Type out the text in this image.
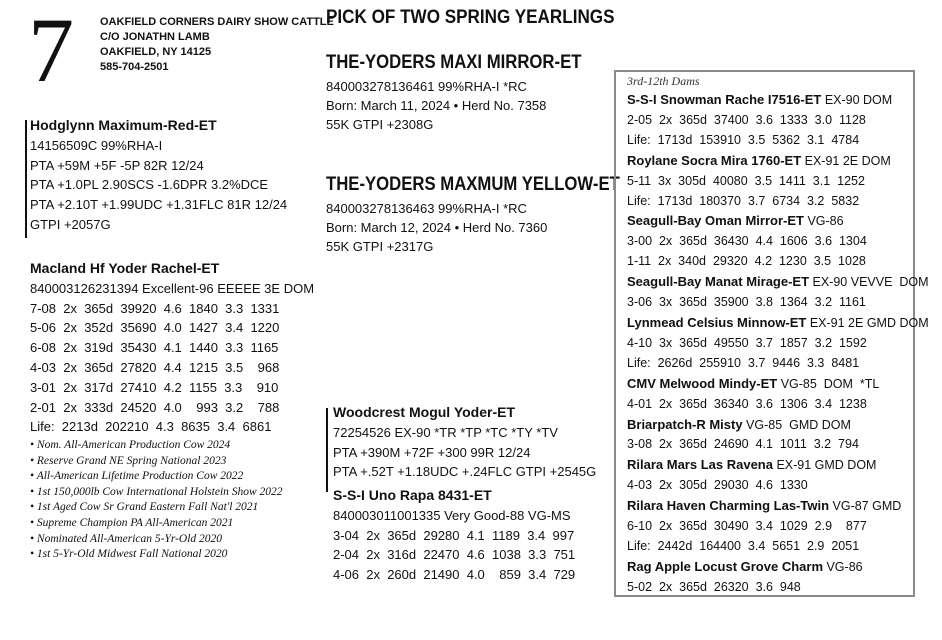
7 OAKFIELD CORNERS DAIRY SHOW CATTLE
C/O JONATHN LAMB
OAKFIELD, NY 14125
585-704-2501
PICK OF TWO SPRING YEARLINGS
THE-YODERS MAXI MIRROR-ET
840003278136461 99%RHA-I *RC
Born: March 11, 2024 • Herd No. 7358
55K GTPI +2308G
THE-YODERS MAXMUM YELLOW-ET
840003278136463 99%RHA-I *RC
Born: March 12, 2024 • Herd No. 7360
55K GTPI +2317G
Hodglynn Maximum-Red-ET
14156509C 99%RHA-I
PTA +59M +5F -5P 82R 12/24
PTA +1.0PL 2.90SCS -1.6DPR 3.2%DCE
PTA +2.10T +1.99UDC +1.31FLC 81R 12/24
GTPI +2057G
Macland Hf Yoder Rachel-ET
840003126231394 Excellent-96 EEEEE 3E DOM
7-08  2x  365d  39920  4.6  1840  3.3  1331
5-06  2x  352d  35690  4.0  1427  3.4  1220
6-08  2x  319d  35430  4.1  1440  3.3  1165
4-03  2x  365d  27820  4.4  1215  3.5    968
3-01  2x  317d  27410  4.2  1155  3.3    910
2-01  2x  333d  24520  4.0    993  3.2    788
Life:  2213d  202210  4.3  8635  3.4  6861
• Nom. All-American Production Cow 2024
• Reserve Grand NE Spring National 2023
• All-American Lifetime Production Cow 2022
• 1st 150,000lb Cow International Holstein Show 2022
• 1st Aged Cow Sr Grand Eastern Fall Nat'l 2021
• Supreme Champion PA All-American 2021
• Nominated All-American 5-Yr-Old 2020
• 1st 5-Yr-Old Midwest Fall National 2020
Woodcrest Mogul Yoder-ET
72254526 EX-90 *TR *TP *TC *TY *TV
PTA +390M +72F +300 99R 12/24
PTA +.52T +1.18UDC +.24FLC GTPI +2545G
S-S-I Uno Rapa 8431-ET
840003011001335 Very Good-88 VG-MS
3-04  2x  365d  29280  4.1  1189  3.4  997
2-04  2x  316d  22470  4.6  1038  3.3  751
4-06  2x  260d  21490  4.0    859  3.4  729
3rd-12th Dams
S-S-I Snowman Rache I7516-ET EX-90 DOM
2-05  2x  365d  37400  3.6  1333  3.0  1128
Life:  1713d  153910  3.5  5362  3.1  4784
Roylane Socra Mira 1760-ET EX-91 2E DOM
5-11  3x  305d  40080  3.5  1411  3.1  1252
Life:  1713d  180370  3.7  6734  3.2  5832
Seagull-Bay Oman Mirror-ET VG-86
3-00  2x  365d  36430  4.4  1606  3.6  1304
1-11  2x  340d  29320  4.2  1230  3.5  1028
Seagull-Bay Manat Mirage-ET EX-90 VEVVE  DOM
3-06  3x  365d  35900  3.8  1364  3.2  1161
Lynmead Celsius Minnow-ET EX-91 2E GMD DOM
4-10  3x  365d  49550  3.7  1857  3.2  1592
Life:  2626d  255910  3.7  9446  3.3  8481
CMV Melwood Mindy-ET VG-85  DOM  *TL
4-01  2x  365d  36340  3.6  1306  3.4  1238
Briarpatch-R Misty VG-85  GMD DOM
3-08  2x  365d  24690  4.1  1011  3.2  794
Rilara Mars Las Ravena EX-91 GMD DOM
4-03  2x  305d  29030  4.6  1330
Rilara Haven Charming Las-Twin VG-87 GMD
6-10  2x  365d  30490  3.4  1029  2.9    877
Life:  2442d  164400  3.4  5651  2.9  2051
Rag Apple Locust Grove Charm VG-86
5-02  2x  365d  26320  3.6  948
